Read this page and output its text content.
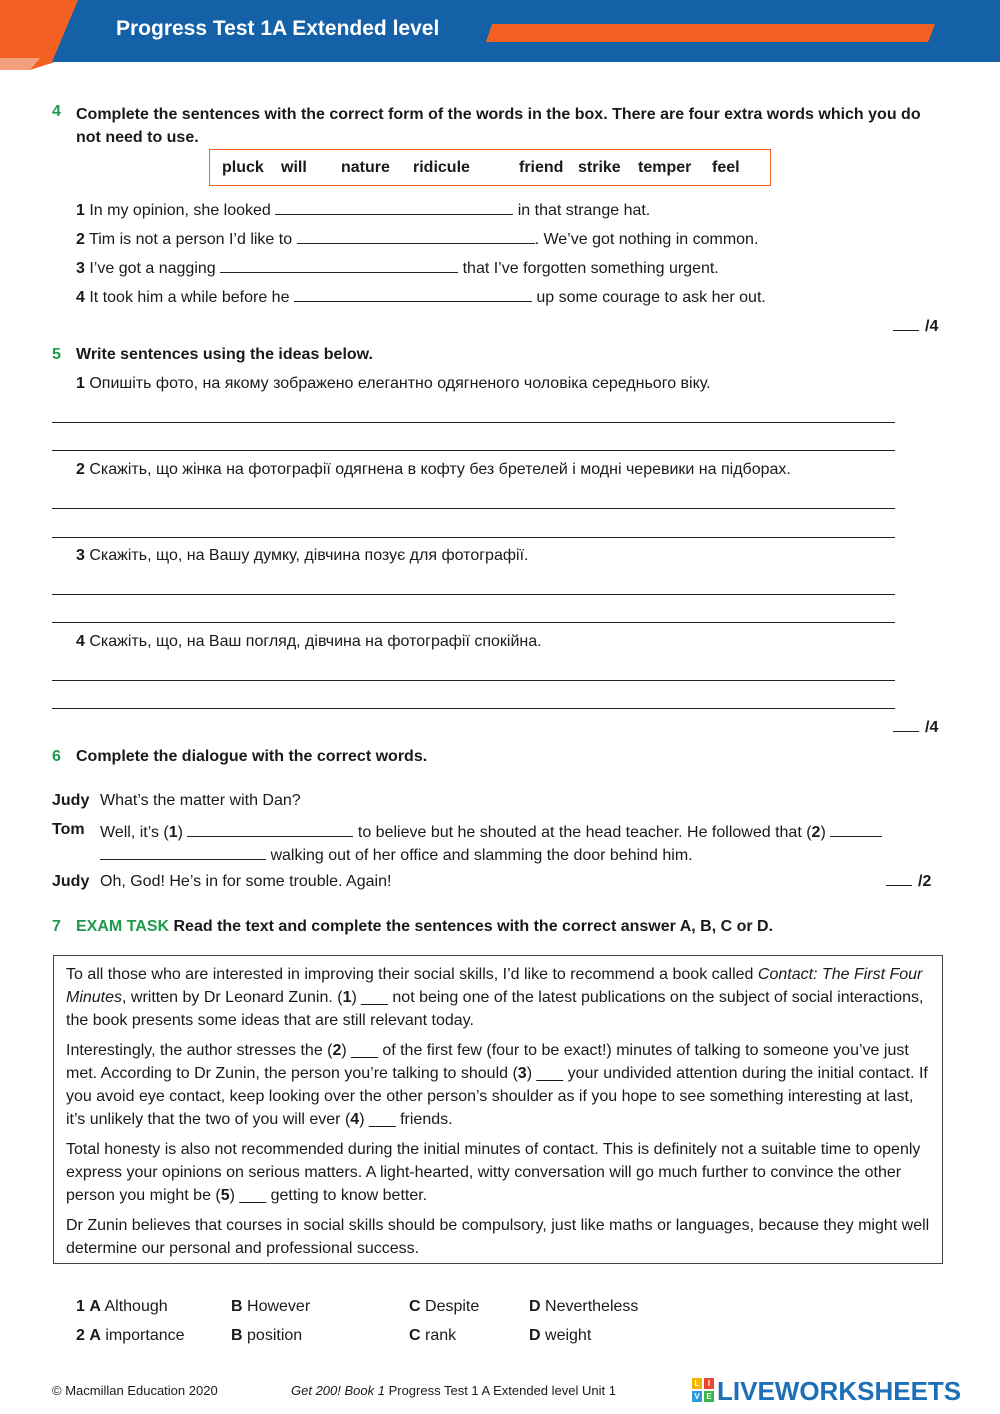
Progress Test 1A Extended level
4 Complete the sentences with the correct form of the words in the box. There are four extra words which you do not need to use.
pluck will nature ridicule	friend strike temper feel
1 In my opinion, she looked	in that strange hat.
2 Tim is not a person I’d like to	. We’ve got nothing in common.
3 I’ve got a nagging	that I’ve forgotten something urgent.
4 It took him a while before he	up some courage to ask her out.
/4
5 Write sentences using the ideas below.
1 Опишіть фото, на якому зображено елегантно одягненого чоловіка середнього віку.
2 Скажіть, що жінка на фотографії одягнена в кофту без бретелей і модні черевики на підборах.
3 Скажіть, що, на Вашу думку, дівчина позує для фотографії.
4 Скажіть, що, на Ваш погляд, дівчина на фотографії спокійна.
/4
6 Complete the dialogue with the correct words.
Judy What’s the matter with Dan?
Tom Well, it’s (1)	to believe but he shouted at the head teacher. He followed that (2)   walking out of her office and slamming the door behind him.
Judy Oh, God! He’s in for some trouble. Again!	/2
7 EXAM TASK Read the text and complete the sentences with the correct answer A, B, C or D.

To all those who are interested in improving their social skills, I’d like to recommend a book called Contact: The First Four Minutes, written by Dr Leonard Zunin. (1) ___ not being one of the latest publications on the subject of social interactions, the book presents some ideas that are still relevant today.

Interestingly, the author stresses the (2) ___ of the first few (four to be exact!) minutes of talking to someone you’ve just met. According to Dr Zunin, the person you’re talking to should (3) ___ your undivided attention during the initial contact. If you avoid eye contact, keep looking over the other person’s shoulder as if you hope to see something interesting at last, it’s unlikely that the two of you will ever (4) ___ friends.

Total honesty is also not recommended during the initial minutes of contact. This is definitely not a suitable time to openly express your opinions on serious matters. A light-hearted, witty conversation will go much further to convince the other person you might be (5) ___ getting to know better.

Dr Zunin believes that courses in social skills should be compulsory, just like maths or languages, because they might well determine our personal and professional success.

1 A Although	B However	C Despite	D Nevertheless
2 A importance	B position	C rank	D weight
© Macmillan Education 2020	Get 200! Book 1 Progress Test 1 A Extended level Unit 1	L	I
V E LIVEWORKSHEETS
